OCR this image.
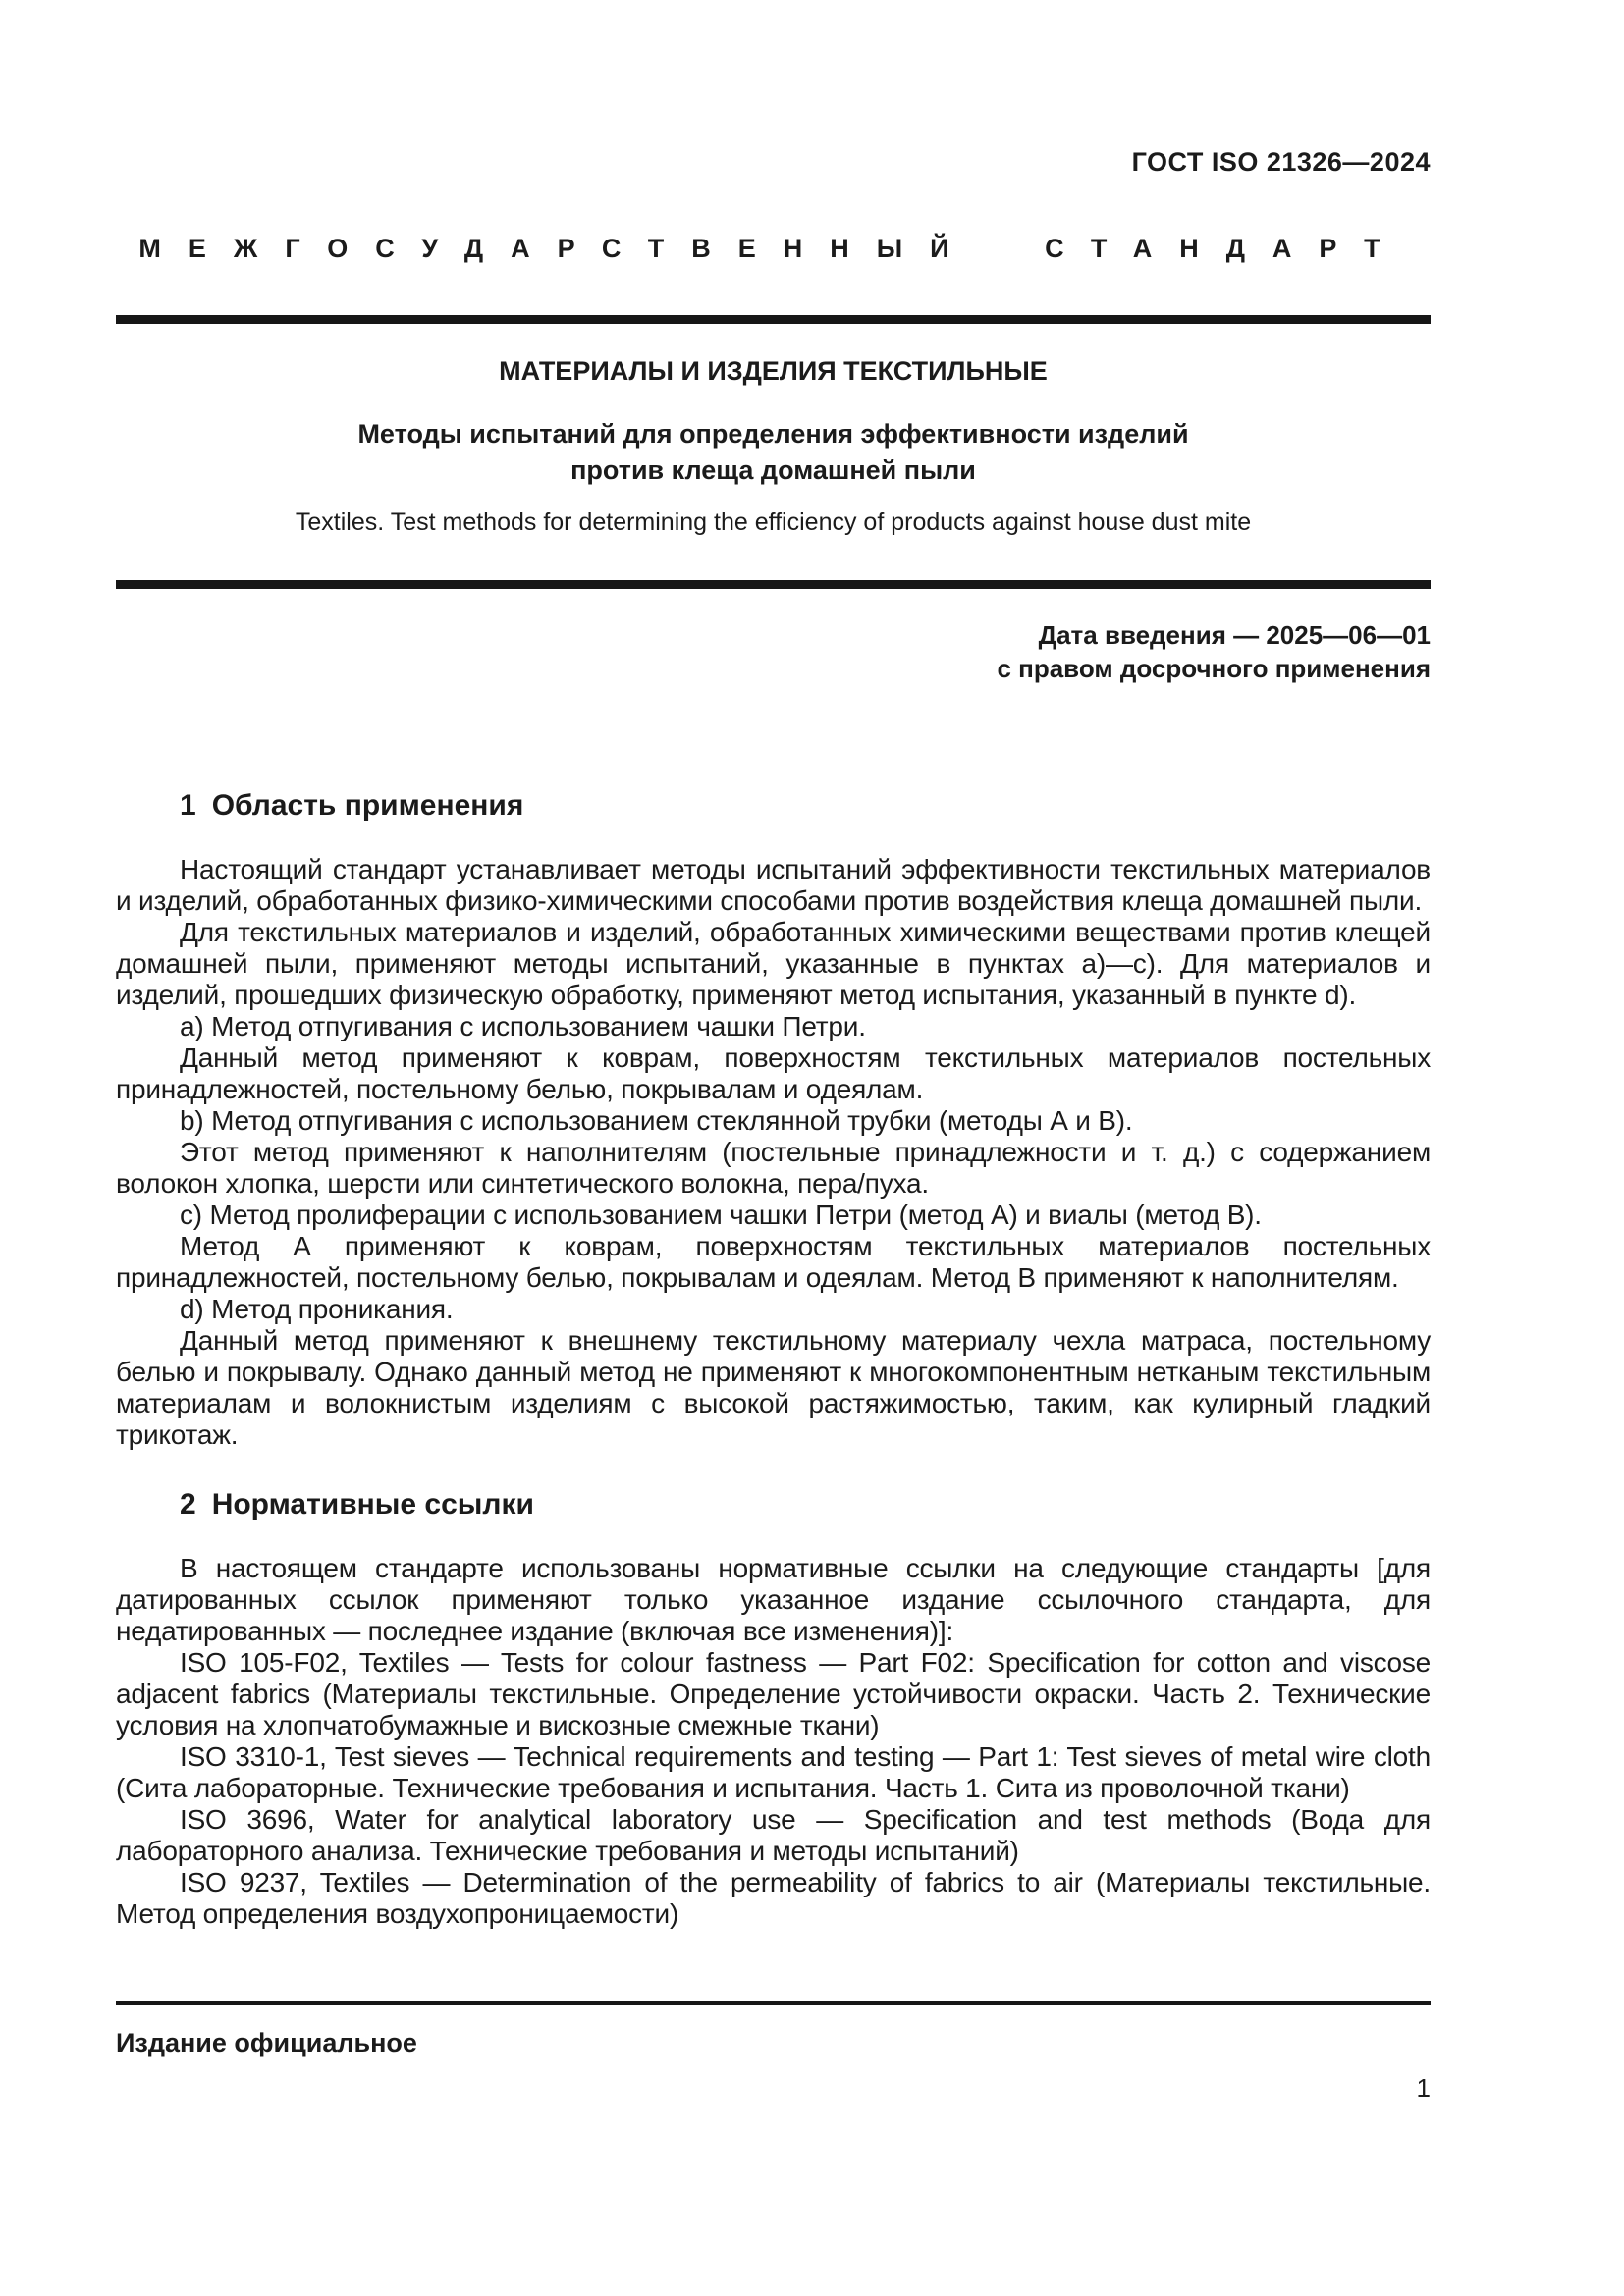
ГОСТ ISO 21326—2024
МЕЖГОСУДАРСТВЕННЫЙ СТАНДАРТ
МАТЕРИАЛЫ И ИЗДЕЛИЯ ТЕКСТИЛЬНЫЕ
Методы испытаний для определения эффективности изделий
против клеща домашней пыли
Textiles. Test methods for determining the efficiency of products against house dust mite
Дата введения — 2025—06—01
с правом досрочного применения
1 Область применения

Настоящий стандарт устанавливает методы испытаний эффективности текстильных материалов и изделий, обработанных физико-химическими способами против воздействия клеща домашней пыли.

Для текстильных материалов и изделий, обработанных химическими веществами против клещей домашней пыли, применяют методы испытаний, указанные в пунктах a)—c). Для материалов и изделий, прошедших физическую обработку, применяют метод испытания, указанный в пункте d).

a) Метод отпугивания с использованием чашки Петри.

Данный метод применяют к коврам, поверхностям текстильных материалов постельных принадлежностей, постельному белью, покрывалам и одеялам.

b) Метод отпугивания с использованием стеклянной трубки (методы А и В).

Этот метод применяют к наполнителям (постельные принадлежности и т. д.) с содержанием волокон хлопка, шерсти или синтетического волокна, пера/пуха.

c) Метод пролиферации с использованием чашки Петри (метод А) и виалы (метод В).

Метод А применяют к коврам, поверхностям текстильных материалов постельных принадлежностей, постельному белью, покрывалам и одеялам. Метод В применяют к наполнителям.

d) Метод проникания.

Данный метод применяют к внешнему текстильному материалу чехла матраса, постельному белью и покрывалу. Однако данный метод не применяют к многокомпонентным нетканым текстильным материалам и волокнистым изделиям с высокой растяжимостью, таким, как кулирный гладкий трикотаж.

2 Нормативные ссылки

В настоящем стандарте использованы нормативные ссылки на следующие стандарты [для датированных ссылок применяют только указанное издание ссылочного стандарта, для недатированных — последнее издание (включая все изменения)]:

ISO 105-F02, Textiles — Tests for colour fastness — Part F02: Specification for cotton and viscose adjacent fabrics (Материалы текстильные. Определение устойчивости окраски. Часть 2. Технические условия на хлопчатобумажные и вискозные смежные ткани)

ISO 3310-1, Test sieves — Technical requirements and testing — Part 1: Test sieves of metal wire cloth (Сита лабораторные. Технические требования и испытания. Часть 1. Сита из проволочной ткани)

ISO 3696, Water for analytical laboratory use — Specification and test methods (Вода для лабораторного анализа. Технические требования и методы испытаний)

ISO 9237, Textiles — Determination of the permeability of fabrics to air (Материалы текстильные. Метод определения воздухопроницаемости)

Издание официальное
1
